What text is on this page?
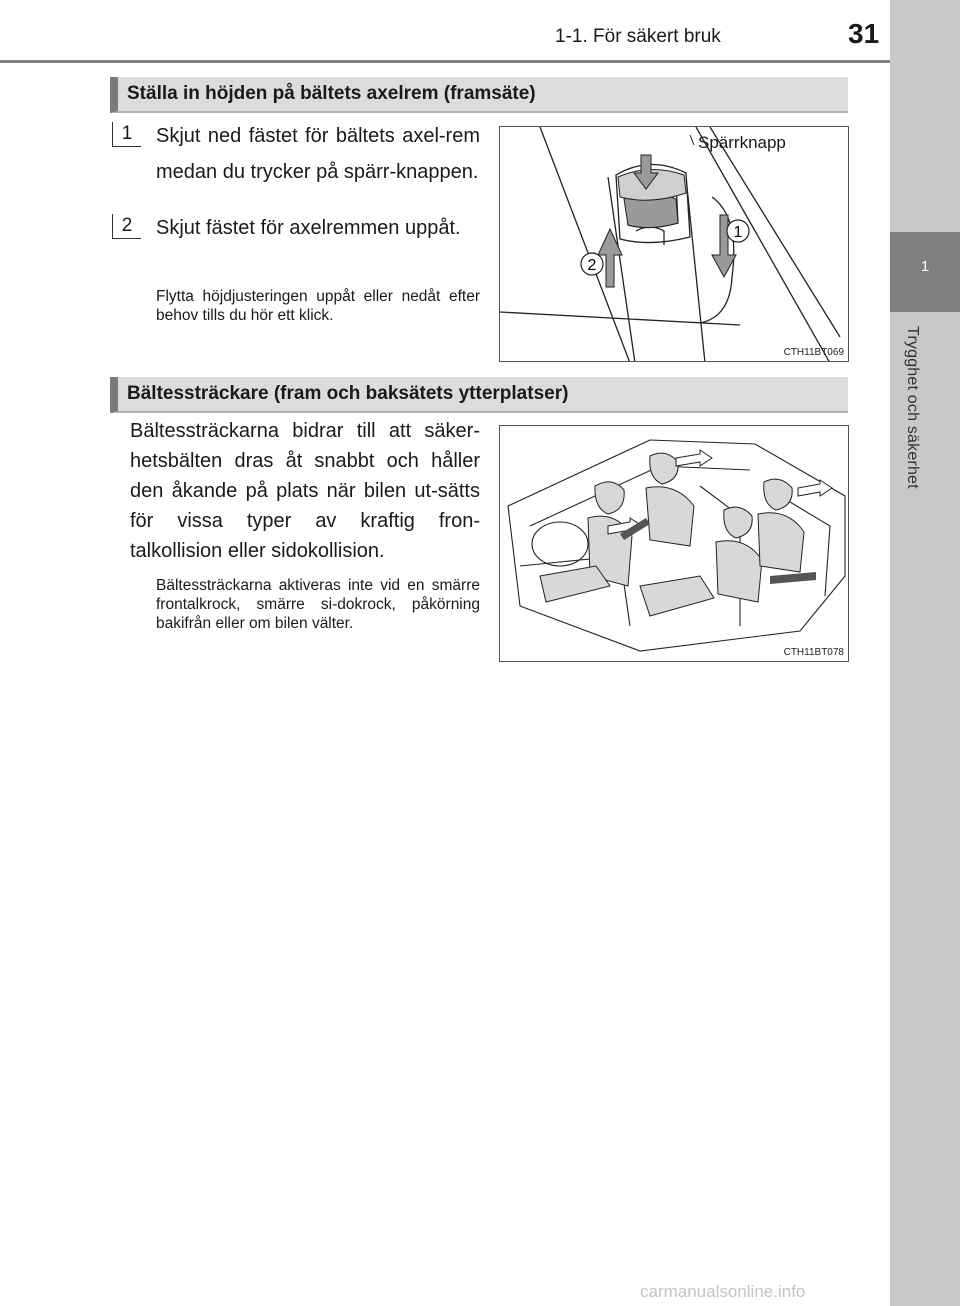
1-1. För säkert bruk	31
1
Trygghet och säkerhet
Ställa in höjden på bältets axelrem (framsäte)
1	Skjut ned fästet för bältets axel-rem medan du trycker på spärr-knappen.
2	Skjut fästet för axelremmen uppåt.
Flytta höjdjusteringen uppåt eller nedåt efter behov tills du hör ett klick.
1
2
Spärrknapp
CTH11BT069
Bältessträckare (fram och baksätets ytterplatser)
Bältessträckarna bidrar till att säker-hetsbälten dras åt snabbt och håller den åkande på plats när bilen ut-sätts för vissa typer av kraftig fron-talkollision eller sidokollision.
Bältessträckarna aktiveras inte vid en smärre frontalkrock, smärre si-dokrock, påkörning bakifrån eller om bilen välter.
CTH11BT078
carmanualsonline.info
